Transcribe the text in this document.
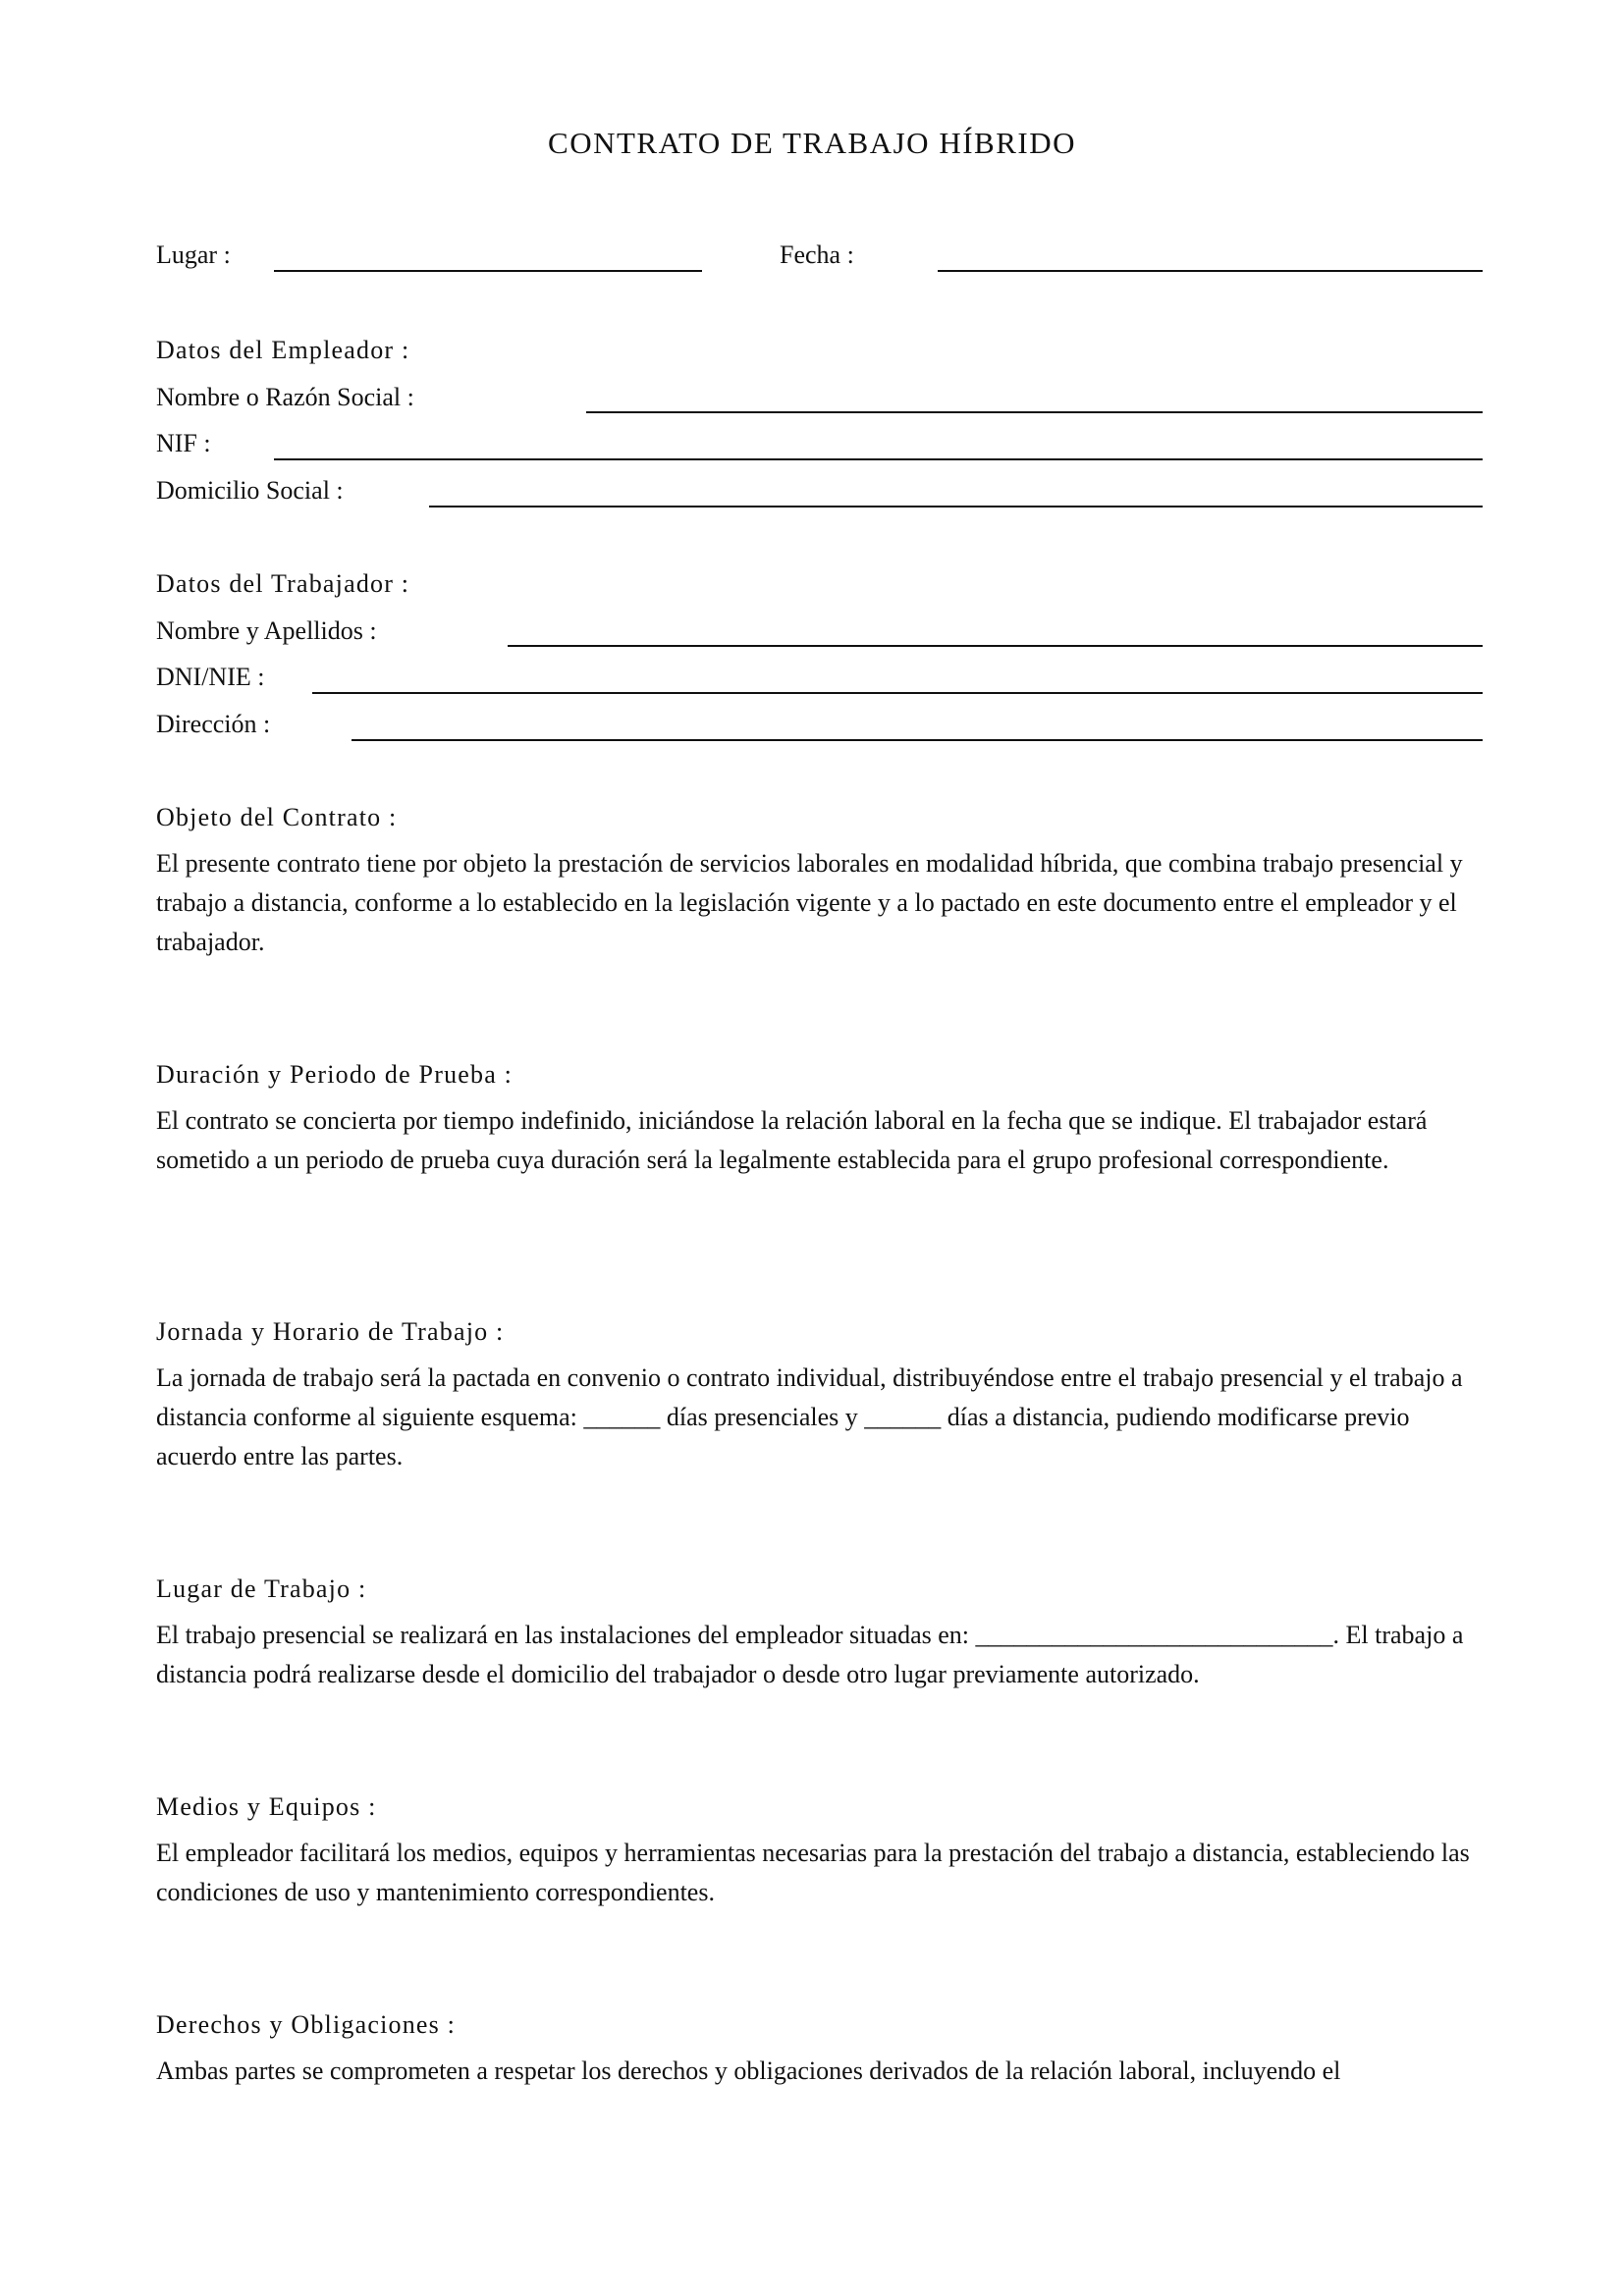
CONTRATO DE TRABAJO HÍBRIDO
Lugar :	Fecha :
Datos del Empleador :
Nombre o Razón Social :
NIF :
Domicilio Social :
Datos del Trabajador :
Nombre y Apellidos :
DNI/NIE :
Dirección :
Objeto del Contrato :
El presente contrato tiene por objeto la prestación de servicios laborales en modalidad híbrida, que combina trabajo presencial y trabajo a distancia, conforme a lo establecido en la legislación vigente y a lo pactado en este documento entre el empleador y el trabajador.
Duración y Periodo de Prueba :
El contrato se concierta por tiempo indefinido, iniciándose la relación laboral en la fecha que se indique. El trabajador estará sometido a un periodo de prueba cuya duración será la legalmente establecida para el grupo profesional correspondiente.
Jornada y Horario de Trabajo :
La jornada de trabajo será la pactada en convenio o contrato individual, distribuyéndose entre el trabajo presencial y el trabajo a distancia conforme al siguiente esquema: ______ días presenciales y ______ días a distancia, pudiendo modificarse previo acuerdo entre las partes.
Lugar de Trabajo :
El trabajo presencial se realizará en las instalaciones del empleador situadas en: ____________________________. El trabajo a distancia podrá realizarse desde el domicilio del trabajador o desde otro lugar previamente autorizado.
Medios y Equipos :
El empleador facilitará los medios, equipos y herramientas necesarias para la prestación del trabajo a distancia, estableciendo las condiciones de uso y mantenimiento correspondientes.
Derechos y Obligaciones :
Ambas partes se comprometen a respetar los derechos y obligaciones derivados de la relación laboral, incluyendo el
